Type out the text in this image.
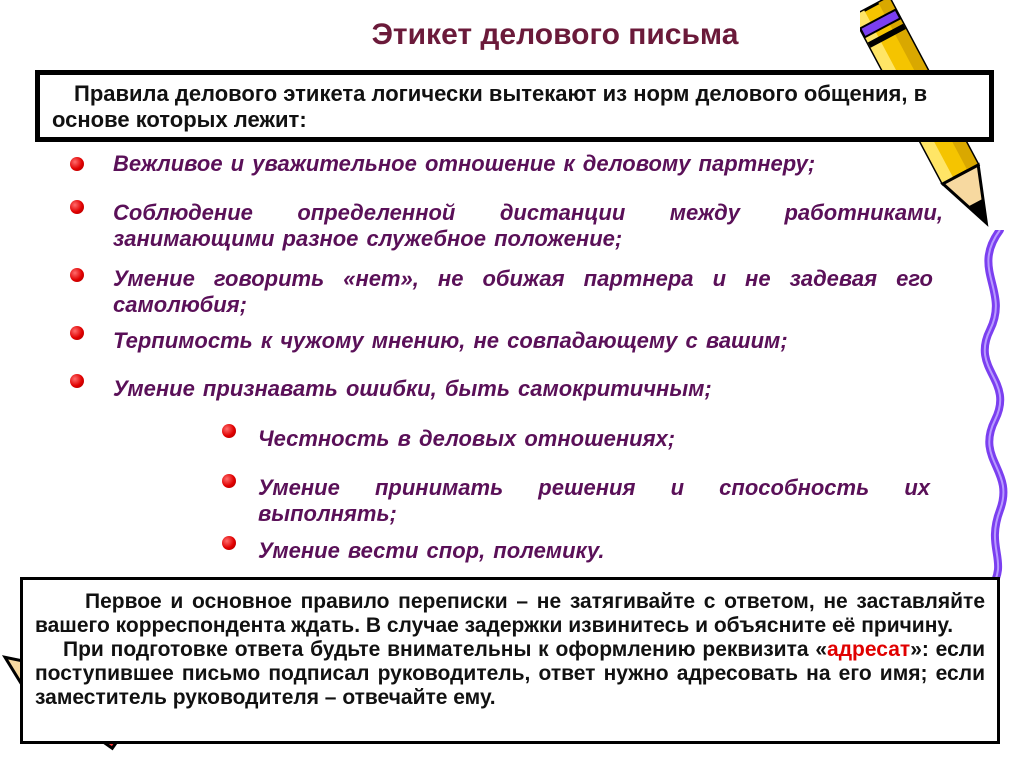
Этикет делового письма
Правила делового этикета логически вытекают из норм делового общения, в основе которых лежит:
Вежливое и уважительное отношение к деловому партнеру;
Соблюдение определенной дистанции между работниками, занимающими разное служебное положение;
Умение говорить «нет», не обижая партнера и не задевая его самолюбия;
Терпимость к чужому мнению, не совпадающему с вашим;
Умение признавать ошибки, быть самокритичным;
Честность в деловых отношениях;
Умение принимать решения и способность их выполнять;
Умение вести спор, полемику.

Первое и основное правило переписки – не затягивайте с ответом, не заставляйте вашего корреспондента ждать. В случае задержки извинитесь и объясните её причину.

При подготовке ответа будьте внимательны к оформлению реквизита «адресат»: если поступившее письмо подписал руководитель, ответ нужно адресовать на его имя; если заместитель руководителя – отвечайте ему.
